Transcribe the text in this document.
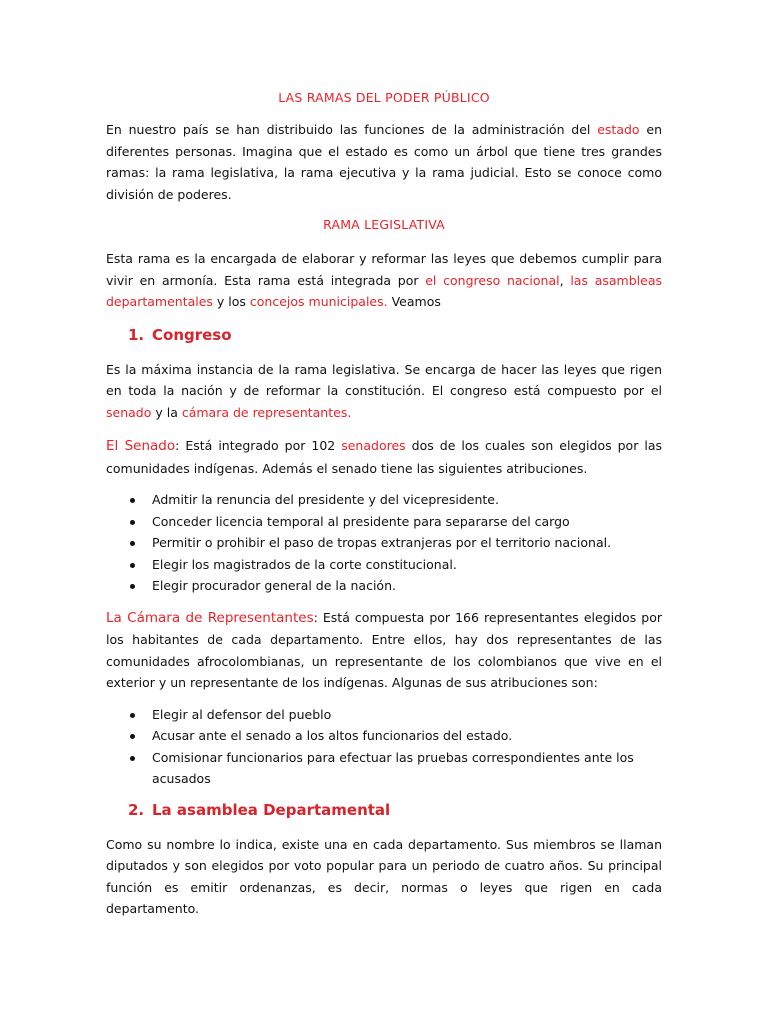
LAS RAMAS DEL PODER PÚBLICO

En nuestro país se han distribuido las funciones de la administración del estado en diferentes personas. Imagina que el estado es como un árbol que tiene tres grandes ramas: la rama legislativa, la rama ejecutiva y la rama judicial. Esto se conoce como división de poderes.

RAMA LEGISLATIVA

Esta rama es la encargada de elaborar y reformar las leyes que debemos cumplir para vivir en armonía. Esta rama está integrada por el congreso nacional, las asambleas departamentales y los concejos municipales. Veamos

1. Congreso

Es la máxima instancia de la rama legislativa. Se encarga de hacer las leyes que rigen en toda la nación y de reformar la constitución. El congreso está compuesto por el senado y la cámara de representantes.

El Senado: Está integrado por 102 senadores dos de los cuales son elegidos por las comunidades indígenas. Además el senado tiene las siguientes atribuciones.

Admitir la renuncia del presidente y del vicepresidente.
Conceder licencia temporal al presidente para separarse del cargo
Permitir o prohibir el paso de tropas extranjeras por el territorio nacional.
Elegir los magistrados de la corte constitucional.
Elegir procurador general de la nación.

La Cámara de Representantes: Está compuesta por 166 representantes elegidos por los habitantes de cada departamento. Entre ellos, hay dos representantes de las comunidades afrocolombianas, un representante de los colombianos que vive en el exterior y un representante de los indígenas. Algunas de sus atribuciones son:

Elegir al defensor del pueblo
Acusar ante el senado a los altos funcionarios del estado.
Comisionar funcionarios para efectuar las pruebas correspondientes ante los acusados
2. La asamblea Departamental

Como su nombre lo indica, existe una en cada departamento. Sus miembros se llaman diputados y son elegidos por voto popular para un periodo de cuatro años. Su principal función es emitir ordenanzas, es decir, normas o leyes que rigen en cada departamento.
